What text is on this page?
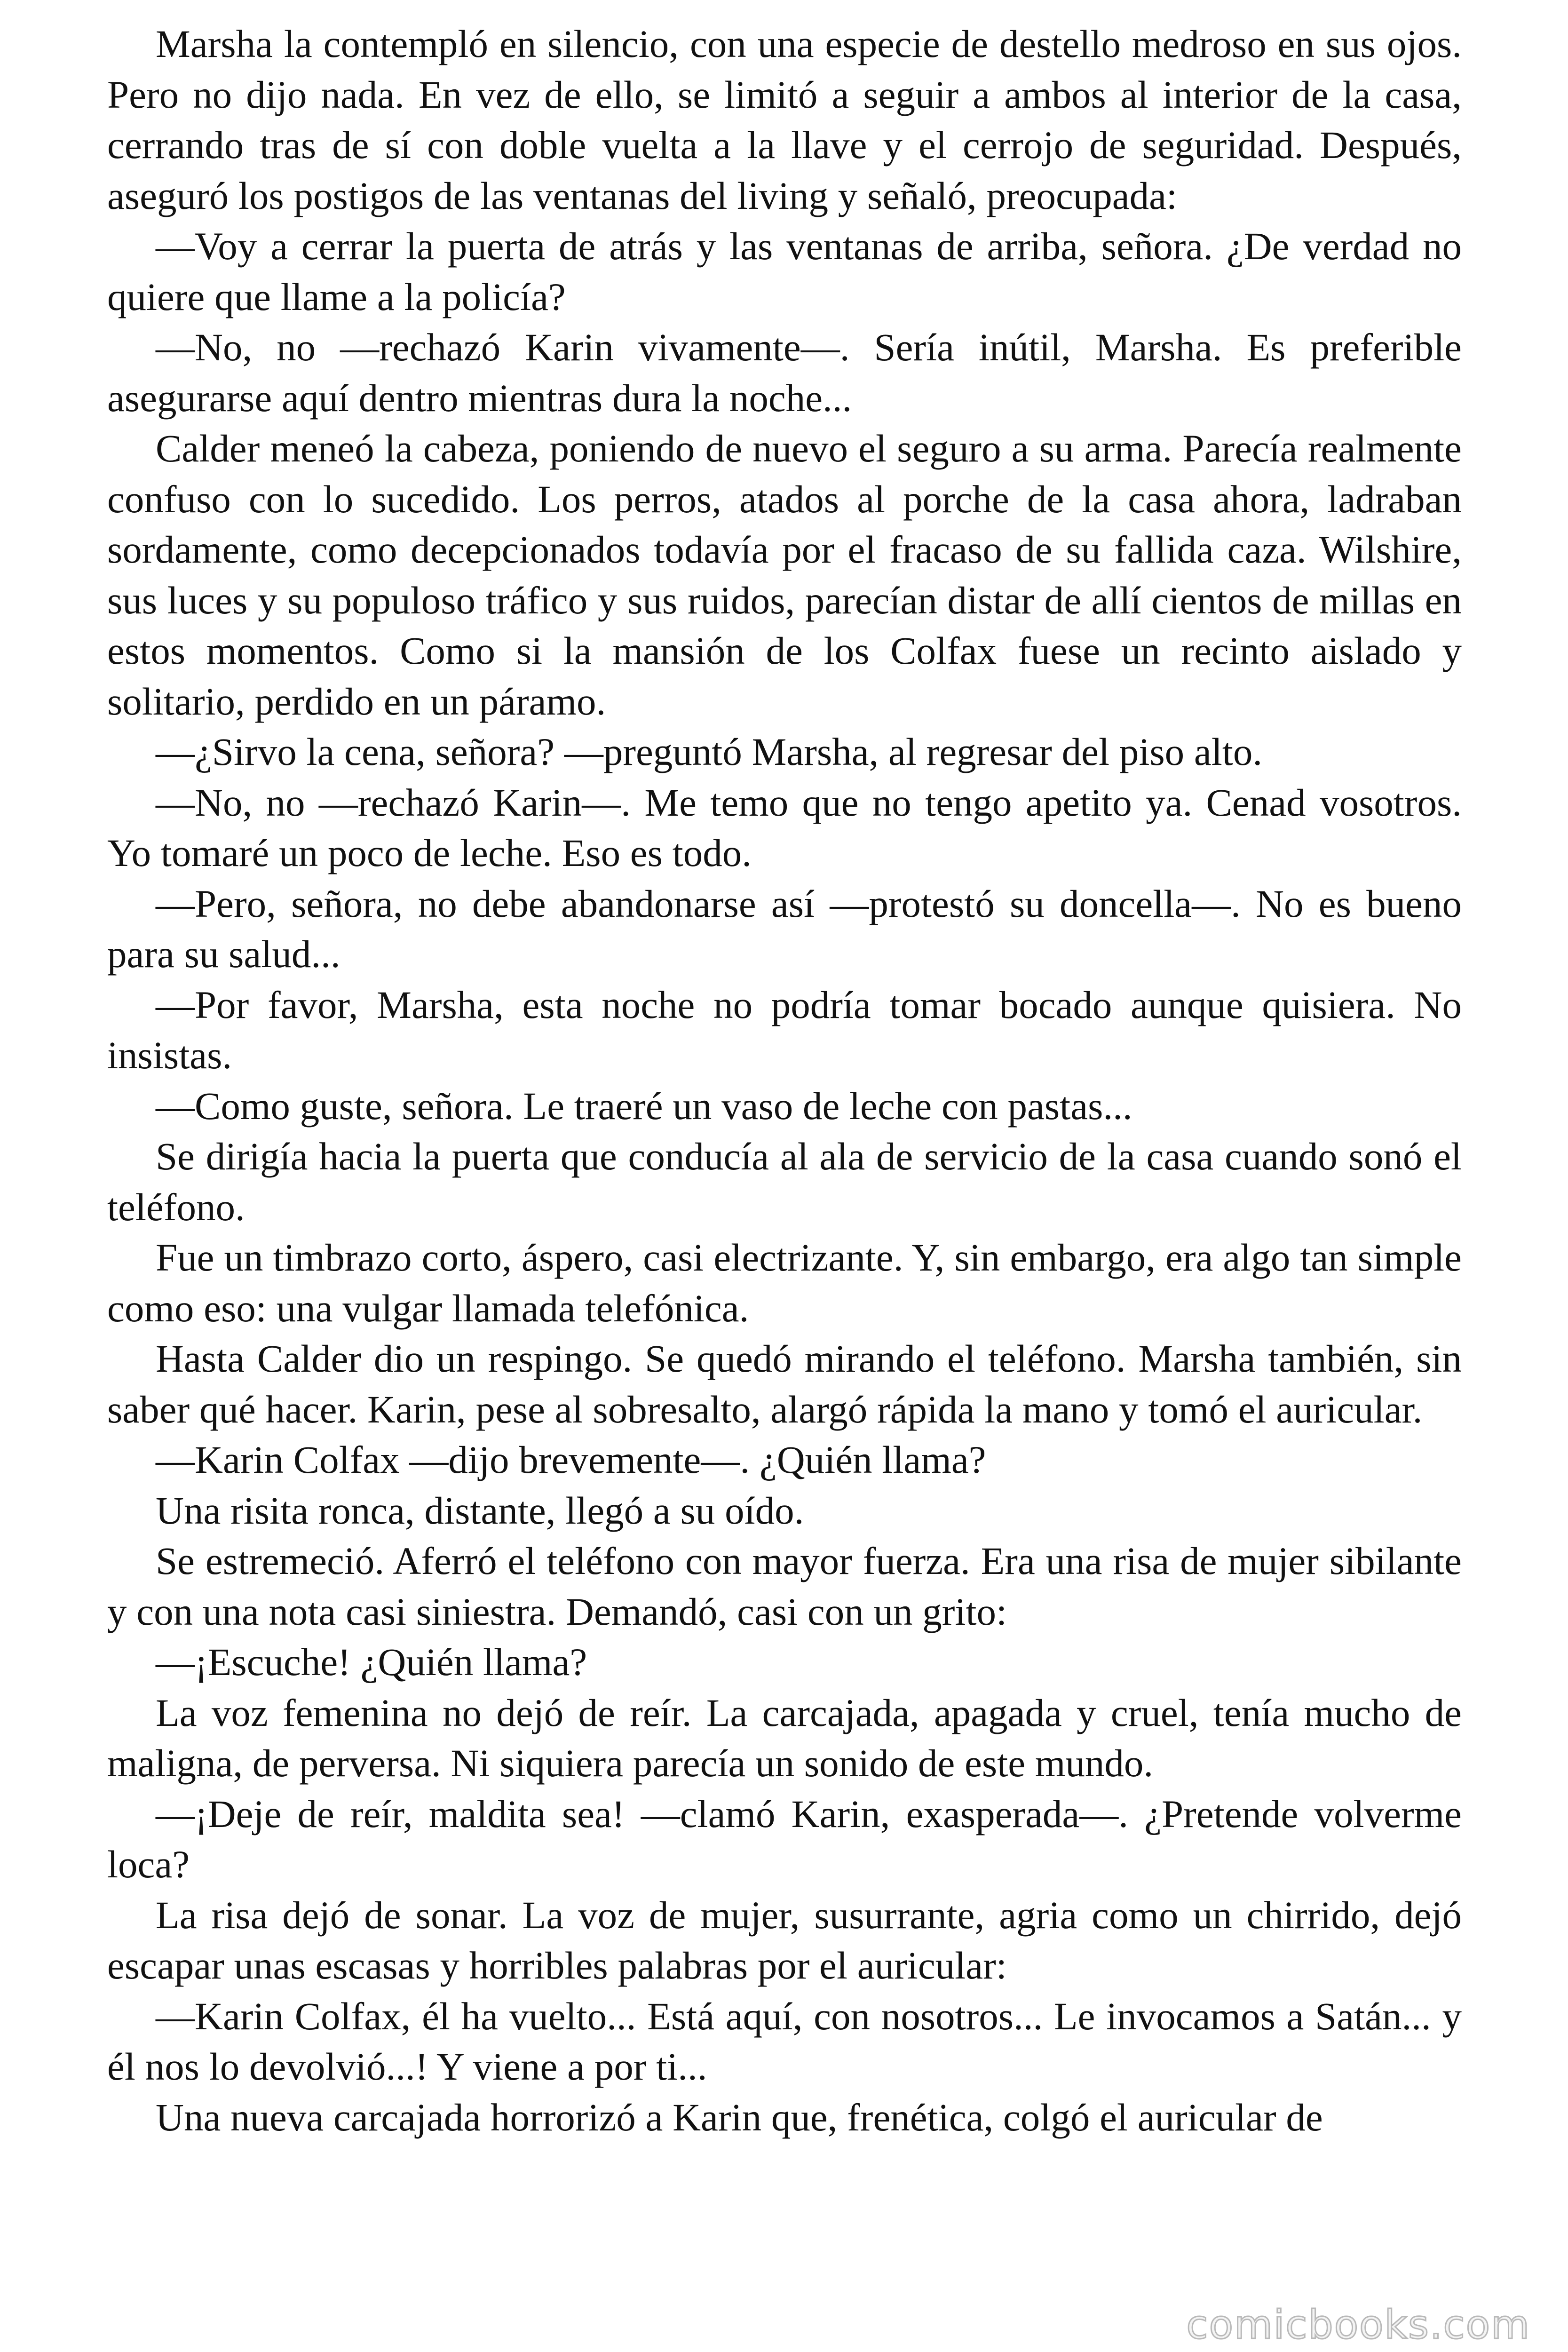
Marsha la contempló en silencio, con una especie de destello medroso en sus ojos. Pero no dijo nada. En vez de ello, se limitó a seguir a ambos al interior de la casa, cerrando tras de sí con doble vuelta a la llave y el cerrojo de seguridad. Después, aseguró los postigos de las ventanas del living y señaló, preocupada:

—Voy a cerrar la puerta de atrás y las ventanas de arriba, señora. ¿De verdad no quiere que llame a la policía?

—No, no —rechazó Karin vivamente—. Sería inútil, Marsha. Es preferible asegurarse aquí dentro mientras dura la noche...

Calder meneó la cabeza, poniendo de nuevo el seguro a su arma. Parecía realmente confuso con lo sucedido. Los perros, atados al porche de la casa ahora, ladraban sordamente, como decepcionados todavía por el fracaso de su fallida caza. Wilshire, sus luces y su populoso tráfico y sus ruidos, parecían distar de allí cientos de millas en estos momentos. Como si la mansión de los Colfax fuese un recinto aislado y solitario, perdido en un páramo.

—¿Sirvo la cena, señora? —preguntó Marsha, al regresar del piso alto.

—No, no —rechazó Karin—. Me temo que no tengo apetito ya. Cenad vosotros. Yo tomaré un poco de leche. Eso es todo.

—Pero, señora, no debe abandonarse así —protestó su doncella—. No es bueno para su salud...

—Por favor, Marsha, esta noche no podría tomar bocado aunque quisiera. No insistas.

—Como guste, señora. Le traeré un vaso de leche con pastas...

Se dirigía hacia la puerta que conducía al ala de servicio de la casa cuando sonó el teléfono.

Fue un timbrazo corto, áspero, casi electrizante. Y, sin embargo, era algo tan simple como eso: una vulgar llamada telefónica.

Hasta Calder dio un respingo. Se quedó mirando el teléfono. Marsha también, sin saber qué hacer. Karin, pese al sobresalto, alargó rápida la mano y tomó el auricular.

—Karin Colfax —dijo brevemente—. ¿Quién llama?

Una risita ronca, distante, llegó a su oído.

Se estremeció. Aferró el teléfono con mayor fuerza. Era una risa de mujer sibilante y con una nota casi siniestra. Demandó, casi con un grito:

—¡Escuche! ¿Quién llama?

La voz femenina no dejó de reír. La carcajada, apagada y cruel, tenía mucho de maligna, de perversa. Ni siquiera parecía un sonido de este mundo.

—¡Deje de reír, maldita sea! —clamó Karin, exasperada—. ¿Pretende volverme loca?

La risa dejó de sonar. La voz de mujer, susurrante, agria como un chirrido, dejó escapar unas escasas y horribles palabras por el auricular:

—Karin Colfax, él ha vuelto... Está aquí, con nosotros... Le invocamos a Satán... y él nos lo devolvió...! Y viene a por ti...

Una nueva carcajada horrorizó a Karin que, frenética, colgó el auricular de

comicbooks.com
